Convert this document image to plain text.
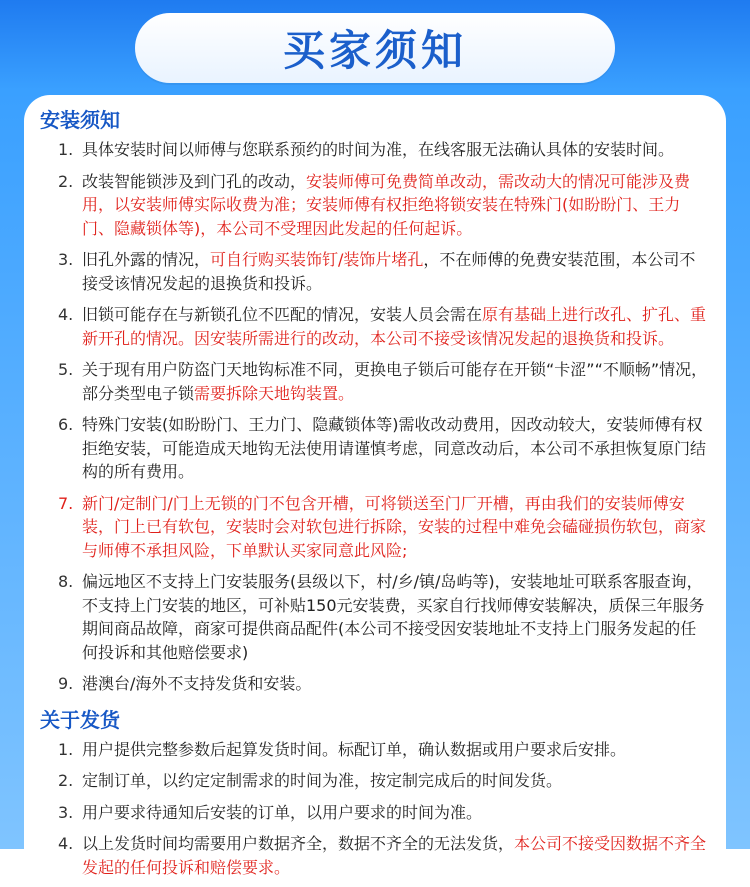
买家须知
安装须知
1. 具体安装时间以师傅与您联系预约的时间为准，在线客服无法确认具体的安装时间。
2. 改装智能锁涉及到门孔的改动，安装师傅可免费简单改动，需改动大的情况可能涉及费用，以安装师傅实际收费为准；安装师傅有权拒绝将锁安装在特殊门(如盼盼门、王力门、隐藏锁体等)，本公司不受理因此发起的任何起诉。
3. 旧孔外露的情况，可自行购买装饰钉/装饰片堵孔，不在师傅的免费安装范围，本公司不接受该情况发起的退换货和投诉。
4. 旧锁可能存在与新锁孔位不匹配的情况，安装人员会需在原有基础上进行改孔、扩孔、重新开孔的情况。因安装所需进行的改动，本公司不接受该情况发起的退换货和投诉。
5. 关于现有用户防盗门天地钩标准不同，更换电子锁后可能存在开锁“卡涩”“不顺畅”情况，部分类型电子锁需要拆除天地钩装置。
6. 特殊门安装(如盼盼门、王力门、隐藏锁体等)需收改动费用，因改动较大，安装师傅有权拒绝安装，可能造成天地钩无法使用请谨慎考虑，同意改动后，本公司不承担恢复原门结构的所有费用。
7. 新门/定制门/门上无锁的门不包含开槽，可将锁送至门厂开槽，再由我们的安装师傅安装，门上已有软包，安装时会对软包进行拆除，安装的过程中难免会磕碰损伤软包，商家与师傅不承担风险，下单默认买家同意此风险;
8. 偏远地区不支持上门安装服务(县级以下，村/乡/镇/岛屿等)，安装地址可联系客服查询，不支持上门安装的地区，可补贴150元安装费，买家自行找师傅安装解决，质保三年服务期间商品故障，商家可提供商品配件(本公司不接受因安装地址不支持上门服务发起的任何投诉和其他赔偿要求)
9. 港澳台/海外不支持发货和安装。
关于发货
1. 用户提供完整参数后起算发货时间。标配订单，确认数据或用户要求后安排。
2. 定制订单，以约定定制需求的时间为准，按定制完成后的时间发货。
3. 用户要求待通知后安装的订单，以用户要求的时间为准。
4. 以上发货时间均需要用户数据齐全，数据不齐全的无法发货，本公司不接受因数据不齐全发起的任何投诉和赔偿要求。
